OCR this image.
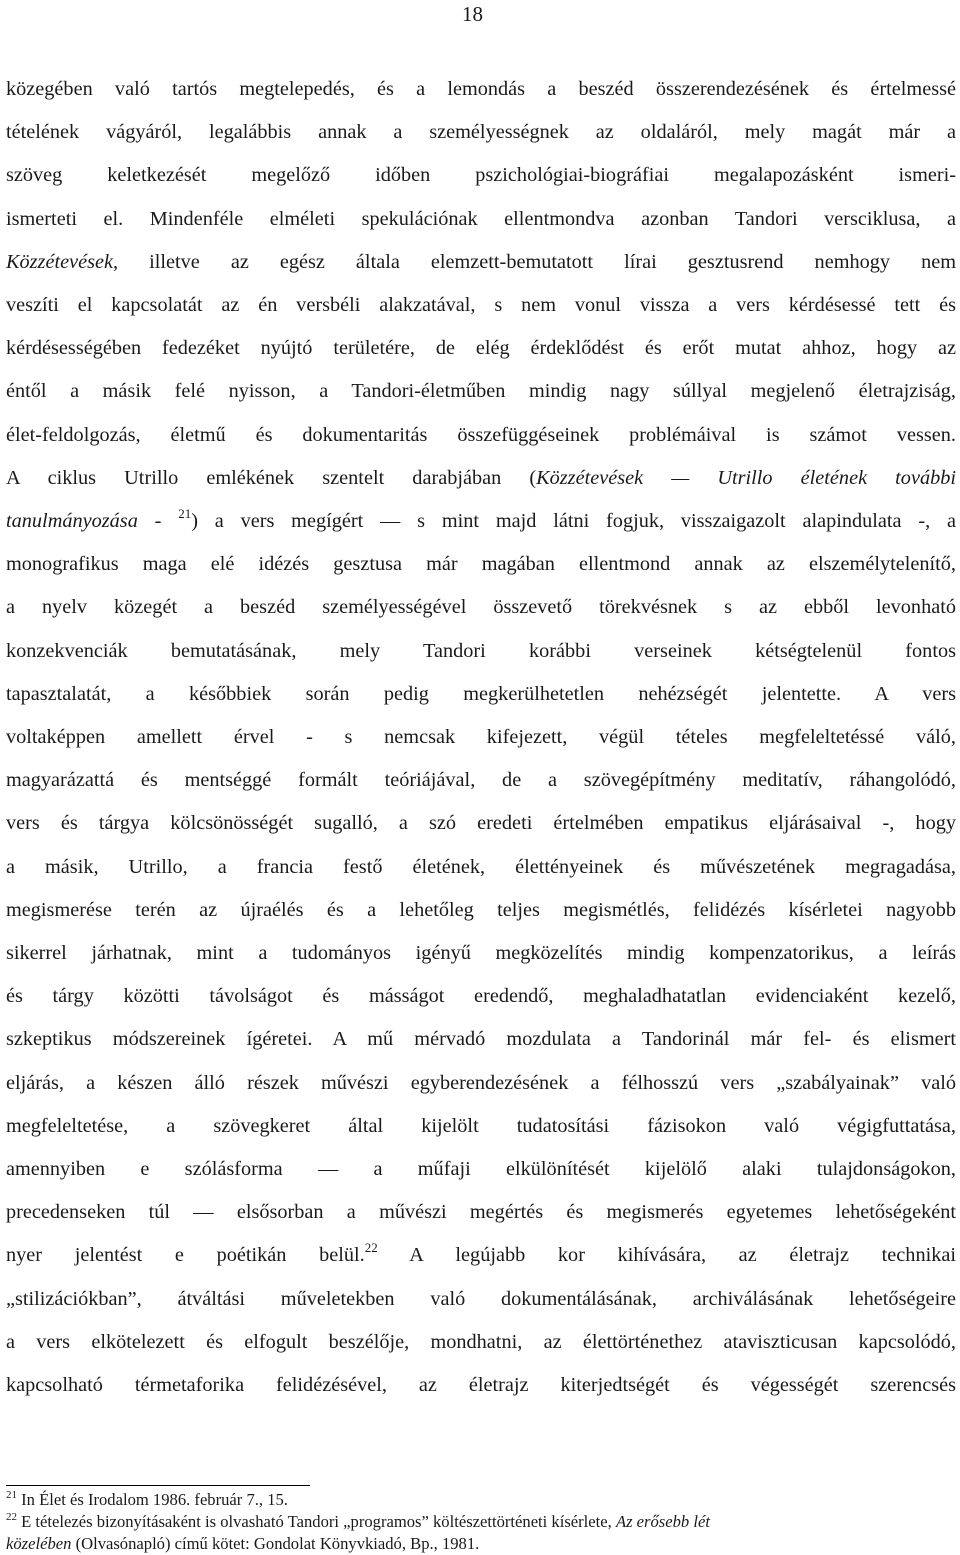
18
közegében való tartós megtelepedés, és a lemondás a beszéd összerendezésének és értelmessé
tételének vágyáról, legalábbis annak a személyességnek az oldaláról, mely magát már a
szöveg keletkezését megelőző időben pszichológiai-biográfiai megalapozásként ismeri-
ismerteti el. Mindenféle elméleti spekulációnak ellentmondva azonban Tandori versciklusa, a
Közzétevések, illetve az egész általa elemzett-bemutatott lírai gesztusrend nemhogy nem
veszíti el kapcsolatát az én versbéli alakzatával, s nem vonul vissza a vers kérdésessé tett és
kérdésességében fedezéket nyújtó területére, de elég érdeklődést és erőt mutat ahhoz, hogy az
éntől a másik felé nyisson, a Tandori-életműben mindig nagy súllyal megjelenő életrajziság,
élet-feldolgozás, életmű és dokumentaritás összefüggéseinek problémáival is számot vessen.
A ciklus Utrillo emlékének szentelt darabjában (Közzétevések — Utrillo életének további
tanulmányozása - $^{21}$) a vers megígért — s mint majd látni fogjuk, visszaigazolt alapindulata -, a
monografikus maga elé idézés gesztusa már magában ellentmond annak az elszemélytelenítő,
a nyelv közegét a beszéd személyességével összevető törekvésnek s az ebből levonható
konzekvenciák bemutatásának, mely Tandori korábbi verseinek kétségtelenül fontos
tapasztalatát, a későbbiek során pedig megkerülhetetlen nehézségét jelentette. A vers
voltaképpen amellett érvel - s nemcsak kifejezett, végül tételes megfeleltetéssé váló,
magyarázattá és mentséggé formált teóriájával, de a szövegépítmény meditatív, ráhangolódó,
vers és tárgya kölcsönösségét sugalló, a szó eredeti értelmében empatikus eljárásaival -, hogy
a másik, Utrillo, a francia festő életének, élettényeinek és művészetének megragadása,
megismerése terén az újraélés és a lehetőleg teljes megismétlés, felidézés kísérletei nagyobb
sikerrel járhatnak, mint a tudományos igényű megközelítés mindig kompenzatorikus, a leírás
és tárgy közötti távolságot és másságot eredendő, meghaladhatatlan evidenciaként kezelő,
szkeptikus módszereinek ígéretei. A mű mérvadó mozdulata a Tandorinál már fel- és elismert
eljárás, a készen álló részek művészi egyberendezésének a félhosszú vers „szabályainak” való
megfeleltetése, a szövegkeret által kijelölt tudatosítási fázisokon való végigfuttatása,
amennyiben e szólásforma — a műfaji elkülönítését kijelölő alaki tulajdonságokon,
precedenseken túl — elsősorban a művészi megértés és megismerés egyetemes lehetőségeként
nyer jelentést e poétikán belül.$^{22}$ A legújabb kor kihívására, az életrajz technikai
„stilizációkban”, átváltási műveletekben való dokumentálásának, archiválásának lehetőségeire
a vers elkötelezett és elfogult beszélője, mondhatni, az élettörténethez ataviszticusan kapcsolódó,
kapcsolható térmetaforika felidézésével, az életrajz kiterjedtségét és végességét szerencsés
$^{21}$ In Élet és Irodalom 1986. február 7., 15.
$^{22}$ E tételezés bizonyításaként is olvasható Tandori „programos” költészettörténeti kísérlete, Az erősebb lét
közelében (Olvasónapló) című kötet: Gondolat Könyvkiadó, Bp., 1981.
